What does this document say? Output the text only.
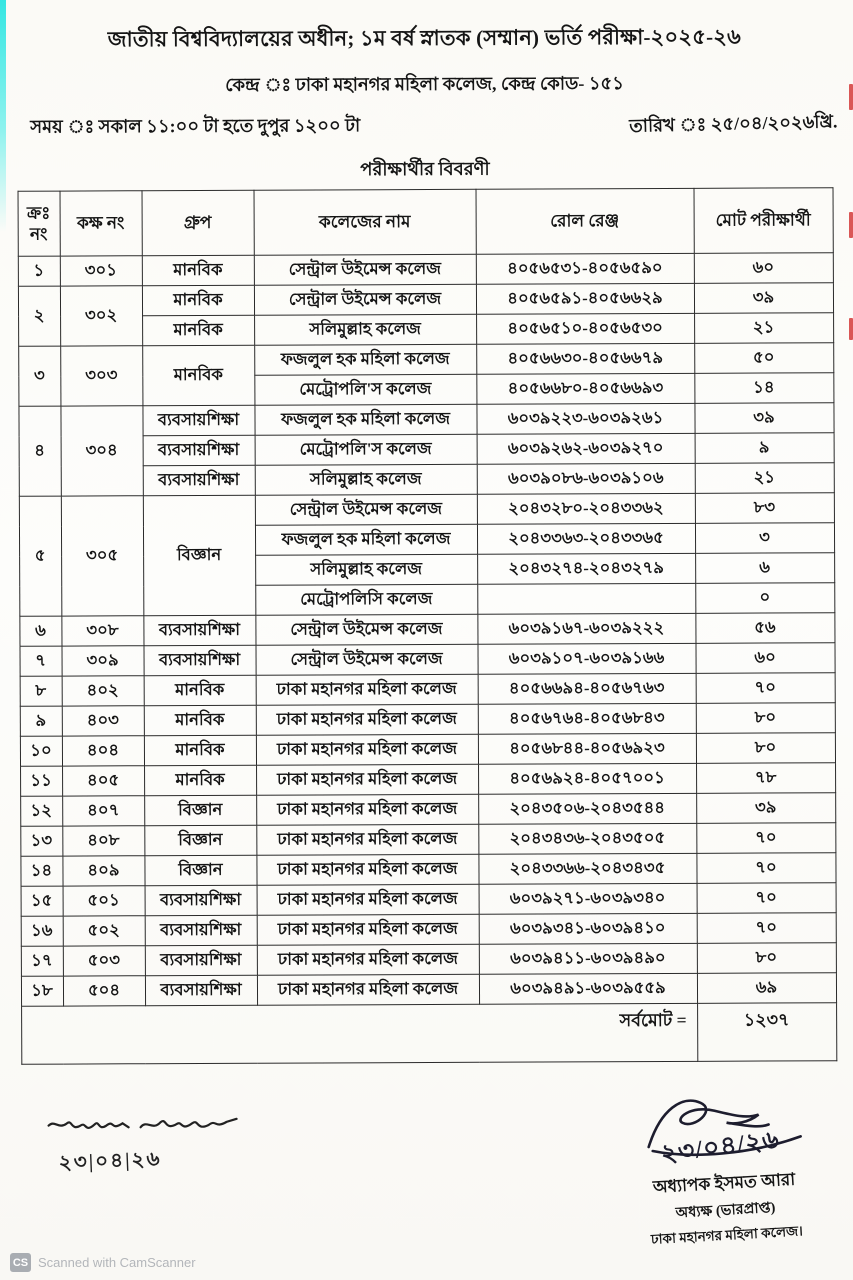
জাতীয় বিশ্ববিদ্যালয়ের অধীন; ১ম বর্ষ স্নাতক (সম্মান) ভর্তি পরীক্ষা-২০২৫-২৬
কেন্দ্র ঃ ঢাকা মহানগর মহিলা কলেজ, কেন্দ্র কোড- ১৫১
সময় ঃ সকাল ১১:০০ টা হতে দুপুর ১২০০ টা	তারিখ ঃ ২৫/০৪/২০২৬খ্রি.
পরীক্ষার্থীর বিবরণী
ক্রঃ নং	কক্ষ নং	গ্রুপ	কলেজের নাম	রোল রেঞ্জ	মোট পরীক্ষার্থী
১	৩০১	মানবিক	সেন্ট্রাল উইমেন্স কলেজ	৪০৫৬৫৩১-৪০৫৬৫৯০	৬০
২	৩০২	মানবিক	সেন্ট্রাল উইমেন্স কলেজ	৪০৫৬৫৯১-৪০৫৬৬২৯	৩৯
		মানবিক	সলিমুল্লাহ কলেজ	৪০৫৬৫১০-৪০৫৬৫৩০	২১
৩	৩০৩	মানবিক	ফজলুল হক মহিলা কলেজ	৪০৫৬৬৩০-৪০৫৬৬৭৯	৫০
			মেট্রোপলি'স কলেজ	৪০৫৬৬৮০-৪০৫৬৬৯৩	১৪
৪	৩০৪	ব্যবসায়শিক্ষা	ফজলুল হক মহিলা কলেজ	৬০৩৯২২৩-৬০৩৯২৬১	৩৯
		ব্যবসায়শিক্ষা	মেট্রোপলি'স কলেজ	৬০৩৯২৬২-৬০৩৯২৭০	৯
		ব্যবসায়শিক্ষা	সলিমুল্লাহ কলেজ	৬০৩৯০৮৬-৬০৩৯১০৬	২১
৫	৩০৫	বিজ্ঞান	সেন্ট্রাল উইমেন্স কলেজ	২০৪৩২৮০-২০৪৩৩৬২	৮৩
			ফজলুল হক মহিলা কলেজ	২০৪৩৩৬৩-২০৪৩৩৬৫	৩
			সলিমুল্লাহ কলেজ	২০৪৩২৭৪-২০৪৩২৭৯	৬
			মেট্রোপলিসি কলেজ		০
৬	৩০৮	ব্যবসায়শিক্ষা	সেন্ট্রাল উইমেন্স কলেজ	৬০৩৯১৬৭-৬০৩৯২২২	৫৬
৭	৩০৯	ব্যবসায়শিক্ষা	সেন্ট্রাল উইমেন্স কলেজ	৬০৩৯১০৭-৬০৩৯১৬৬	৬০
৮	৪০২	মানবিক	ঢাকা মহানগর মহিলা কলেজ	৪০৫৬৬৯৪-৪০৫৬৭৬৩	৭০
৯	৪০৩	মানবিক	ঢাকা মহানগর মহিলা কলেজ	৪০৫৬৭৬৪-৪০৫৬৮৪৩	৮০
১০	৪০৪	মানবিক	ঢাকা মহানগর মহিলা কলেজ	৪০৫৬৮৪৪-৪০৫৬৯২৩	৮০
১১	৪০৫	মানবিক	ঢাকা মহানগর মহিলা কলেজ	৪০৫৬৯২৪-৪০৫৭০০১	৭৮
১২	৪০৭	বিজ্ঞান	ঢাকা মহানগর মহিলা কলেজ	২০৪৩৫০৬-২০৪৩৫৪৪	৩৯
১৩	৪০৮	বিজ্ঞান	ঢাকা মহানগর মহিলা কলেজ	২০৪৩৪৩৬-২০৪৩৫০৫	৭০
১৪	৪০৯	বিজ্ঞান	ঢাকা মহানগর মহিলা কলেজ	২০৪৩৩৬৬-২০৪৩৪৩৫	৭০
১৫	৫০১	ব্যবসায়শিক্ষা	ঢাকা মহানগর মহিলা কলেজ	৬০৩৯২৭১-৬০৩৯৩৪০	৭০
১৬	৫০২	ব্যবসায়শিক্ষা	ঢাকা মহানগর মহিলা কলেজ	৬০৩৯৩৪১-৬০৩৯৪১০	৭০
১৭	৫০৩	ব্যবসায়শিক্ষা	ঢাকা মহানগর মহিলা কলেজ	৬০৩৯৪১১-৬০৩৯৪৯০	৮০
১৮	৫০৪	ব্যবসায়শিক্ষা	ঢাকা মহানগর মহিলা কলেজ	৬০৩৯৪৯১-৬০৩৯৫৫৯	৬৯
সর্বমোট =					১২৩৭
২৩|০৪|২৬	২৩/০৪/২৬
অধ্যাপক ইসমত আরা
অধ্যক্ষ (ভারপ্রাপ্ত)
ঢাকা মহানগর মহিলা কলেজ।
CS Scanned with CamScanner
